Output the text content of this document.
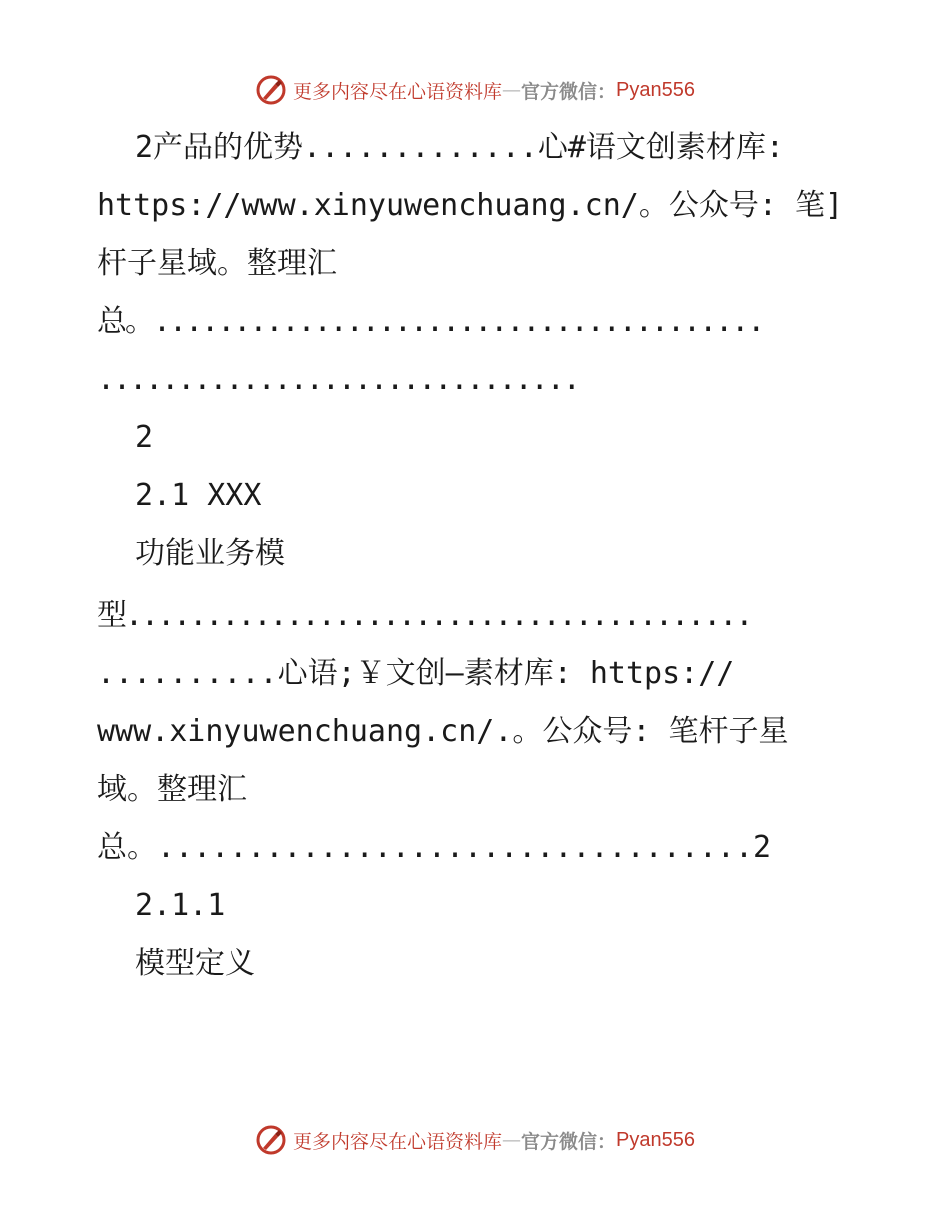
更多内容尽在心语资料库 — 官方微信： Pyan556
2产品的优势.............心#语文创素材库:
https://www.xinyuwenchuang.cn/。公众号: 笔]
杆子星域。整理汇
总。......................................
..............................
2
2.1 XXX
功能业务模
型.......................................
..........心语;￥文创—素材库: https://
www.xinyuwenchuang.cn/.。公众号: 笔杆子星
域。整理汇
总。.................................2
2.1.1
模型定义
更多内容尽在心语资料库 — 官方微信： Pyan556
